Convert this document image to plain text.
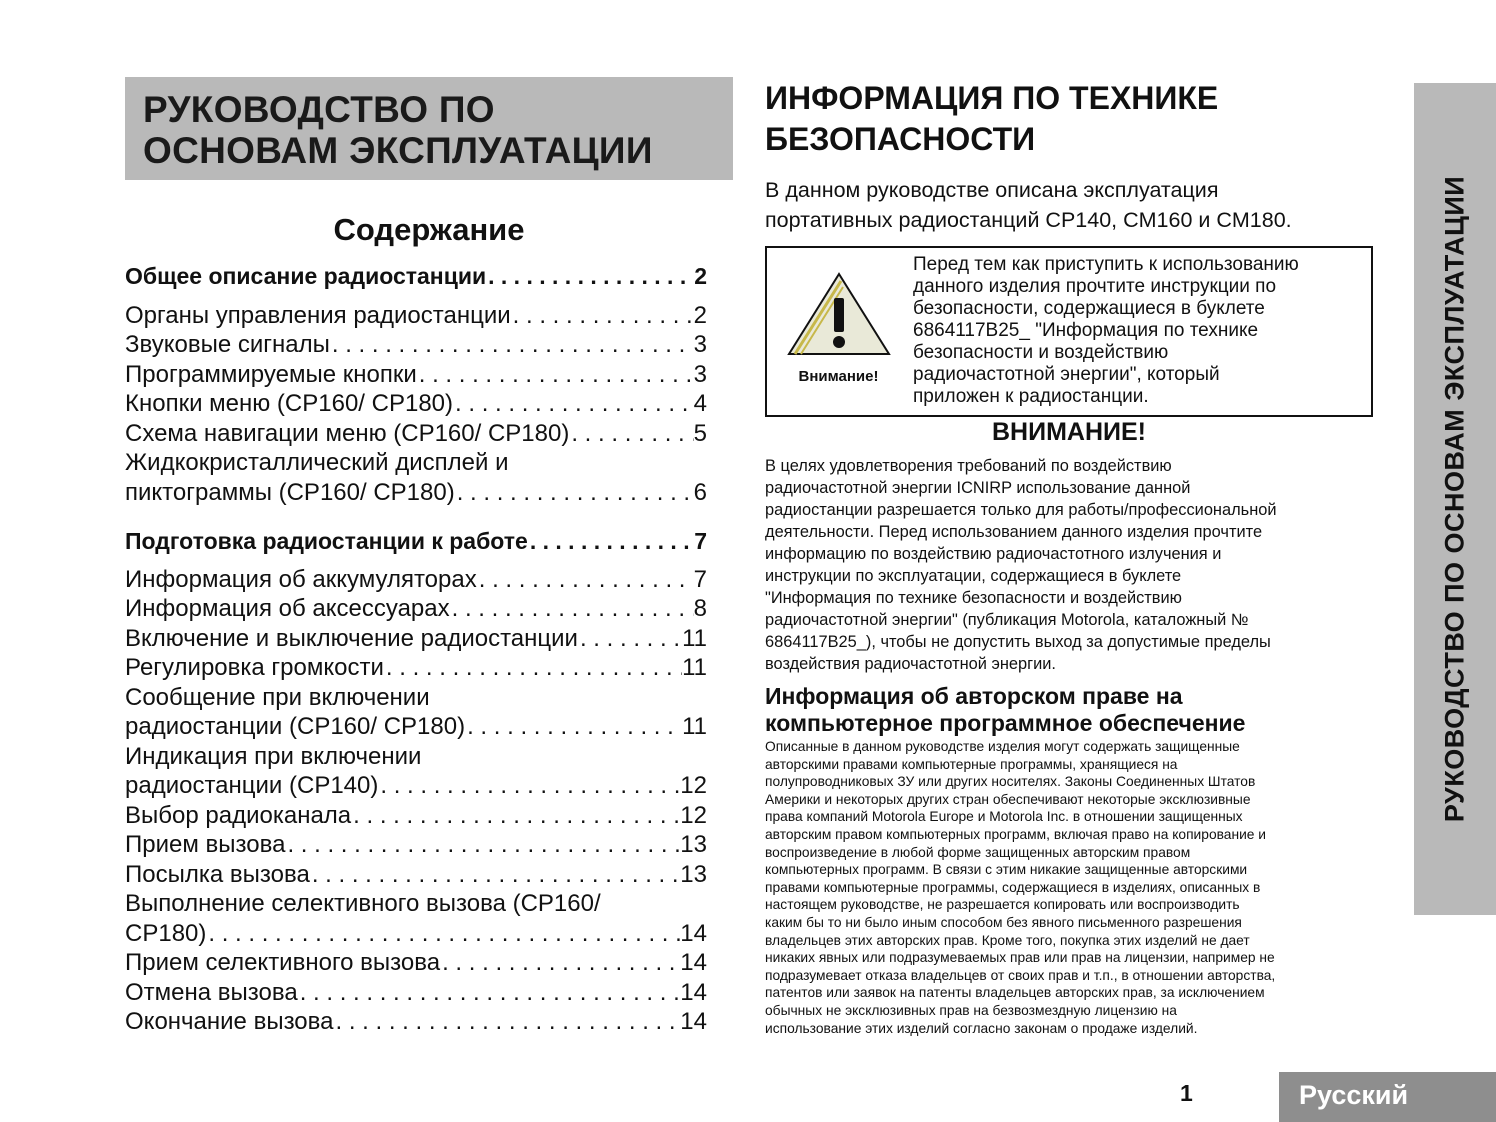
РУКОВОДСТВО ПО
ОСНОВАМ ЭКСПЛУАТАЦИИ
Содержание
Общее описание радиостанции . . .	2
Органы управления радиостанции . . .	2
Звуковые сигналы . . .	3
Программируемые кнопки . . .	3
Кнопки меню (CP160/ CP180) . . .	4
Схема навигации меню (CP160/ CP180) . . .	5
Жидкокристаллический дисплей и
пиктограммы (CP160/ CP180) . . .	6
Подготовка радиостанции к работе . . .	7
Информация об аккумуляторах . . .	7
Информация об аксессуарах . . .	8
Включение и выключение радиостанции . . .	11
Регулировка громкости . . .	11
Сообщение при включении
радиостанции (CP160/ CP180) . . .	11
Индикация при включении
радиостанции (CP140) . . .	12
Выбор радиоканала . . .	12
Прием вызова . . .	13
Посылка вызова . . .	13
Выполнение селективного вызова (CP160/
CP180) . . .	14
Прием селективного вызова . . .	14
Отмена вызова . . .	14
Окончание вызова . . .	14
ИНФОРМАЦИЯ ПО ТЕХНИКЕ
БЕЗОПАСНОСТИ
В данном руководстве описана эксплуатация
портативных радиостанций CP140, CM160 и CM180.
Внимание!
Перед тем как приступить к использованию
данного изделия прочтите инструкции по
безопасности, содержащиеся в буклете
6864117B25_ "Информация по технике
безопасности и воздействию
радиочастотной энергии", который
приложен к радиостанции.
ВНИМАНИЕ!
В целях удовлетворения требований по воздействию
радиочастотной энергии ICNIRP использование данной
радиостанции разрешается только для работы/профессиональной
деятельности. Перед использованием данного изделия прочтите
информацию по воздействию радиочастотного излучения и
инструкции по эксплуатации, содержащиеся в буклете
"Информация по технике безопасности и воздействию
радиочастотной энергии" (публикация Motorola, каталожный №
6864117B25_), чтобы не допустить выход за допустимые пределы
воздействия радиочастотной энергии.
Информация об авторском праве на
компьютерное программное обеспечение
Описанные в данном руководстве изделия могут содержать защищенные
авторскими правами компьютерные программы, хранящиеся на
полупроводниковых ЗУ или других носителях. Законы Соединенных Штатов
Америки и некоторых других стран обеспечивают некоторые эксклюзивные
права компаний Motorola Europe и Motorola Inc. в отношении защищенных
авторским правом компьютерных программ, включая право на копирование и
воспроизведение в любой форме защищенных авторским правом
компьютерных программ. В связи с этим никакие защищенные авторскими
правами компьютерные программы, содержащиеся в изделиях, описанных в
настоящем руководстве, не разрешается копировать или воспроизводить
каким бы то ни было иным способом без явного письменного разрешения
владельцев этих авторских прав. Кроме того, покупка этих изделий не дает
никаких явных или подразумеваемых прав или прав на лицензии, например не
подразумевает отказа владельцев от своих прав и т.п., в отношении авторства,
патентов или заявок на патенты владельцев авторских прав, за исключением
обычных не эксклюзивных прав на безвозмездную лицензию на
использование этих изделий согласно законам о продаже изделий.
РУКОВОДСТВО ПО ОСНОВАМ ЭКСПЛУАТАЦИИ
1	Русский
